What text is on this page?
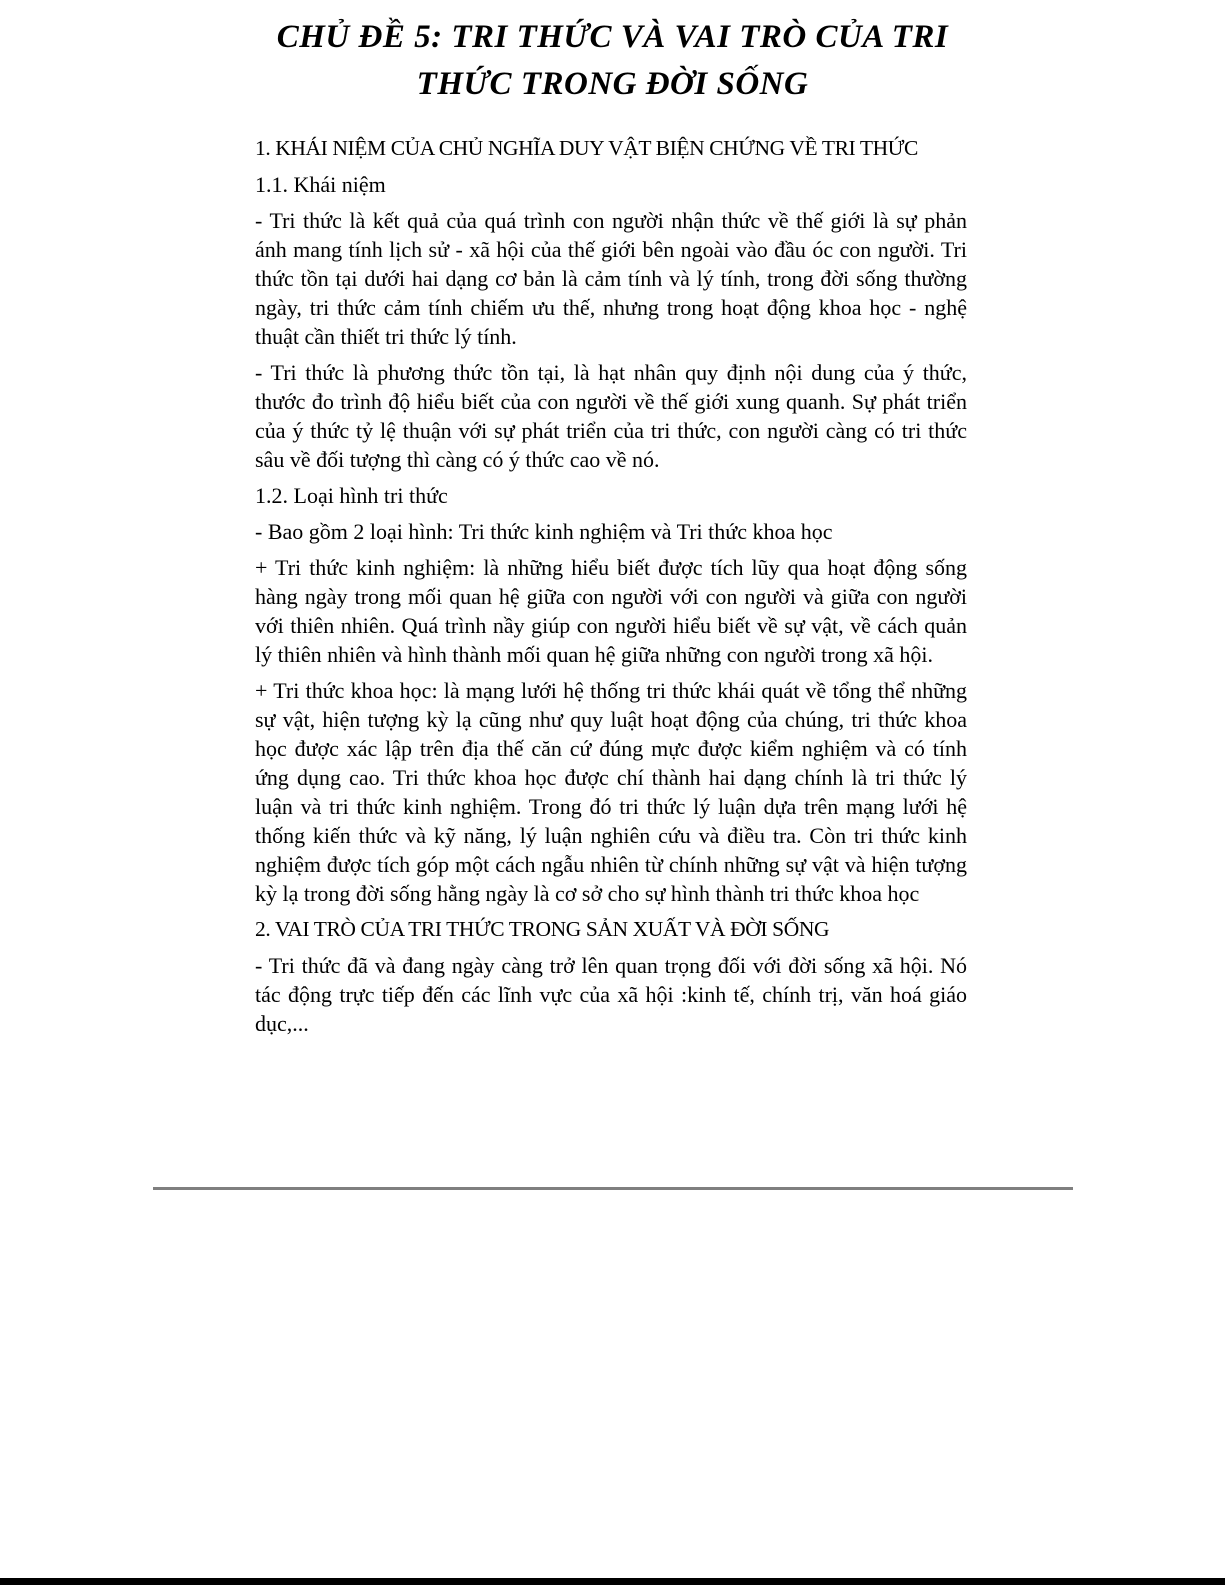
CHỦ ĐỀ 5: TRI THỨC VÀ VAI TRÒ CỦA TRI
THỨC TRONG ĐỜI SỐNG

1. KHÁI NIỆM CỦA CHỦ NGHĨA DUY VẬT BIỆN CHỨNG VỀ TRI THỨC

1.1. Khái niệm

- Tri thức là kết quả của quá trình con người nhận thức về thế giới là sự phản ánh mang tính lịch sử - xã hội của thế giới bên ngoài vào đầu óc con người. Tri thức tồn tại dưới hai dạng cơ bản là cảm tính và lý tính, trong đời sống thường ngày, tri thức cảm tính chiếm ưu thế, nhưng trong hoạt động khoa học - nghệ thuật cần thiết tri thức lý tính.

- Tri thức là phương thức tồn tại, là hạt nhân quy định nội dung của ý thức, thước đo trình độ hiểu biết của con người về thế giới xung quanh. Sự phát triển của ý thức tỷ lệ thuận với sự phát triển của tri thức, con người càng có tri thức sâu về đối tượng thì càng có ý thức cao về nó.

1.2. Loại hình tri thức

- Bao gồm 2 loại hình: Tri thức kinh nghiệm và Tri thức khoa học

+ Tri thức kinh nghiệm: là những hiểu biết được tích lũy qua hoạt động sống hàng ngày trong mối quan hệ giữa con người với con người và giữa con người với thiên nhiên. Quá trình nầy giúp con người hiểu biết về sự vật, về cách quản lý thiên nhiên và hình thành mối quan hệ giữa những con người trong xã hội.

+ Tri thức khoa học: là mạng lưới hệ thống tri thức khái quát về tổng thể những sự vật, hiện tượng kỳ lạ cũng như quy luật hoạt động của chúng, tri thức khoa học được xác lập trên địa thế căn cứ đúng mực được kiểm nghiệm và có tính ứng dụng cao. Tri thức khoa học được chí thành hai dạng chính là tri thức lý luận và tri thức kinh nghiệm. Trong đó tri thức lý luận dựa trên mạng lưới hệ thống kiến thức và kỹ năng, lý luận nghiên cứu và điều tra. Còn tri thức kinh nghiệm được tích góp một cách ngẫu nhiên từ chính những sự vật và hiện tượng kỳ lạ trong đời sống hằng ngày là cơ sở cho sự hình thành tri thức khoa học

2. VAI TRÒ CỦA TRI THỨC TRONG SẢN XUẤT VÀ ĐỜI SỐNG

- Tri thức đã và đang ngày càng trở lên quan trọng đối với đời sống xã hội. Nó tác động trực tiếp đến các lĩnh vực của xã hội :kinh tế, chính trị, văn hoá giáo dục,...
